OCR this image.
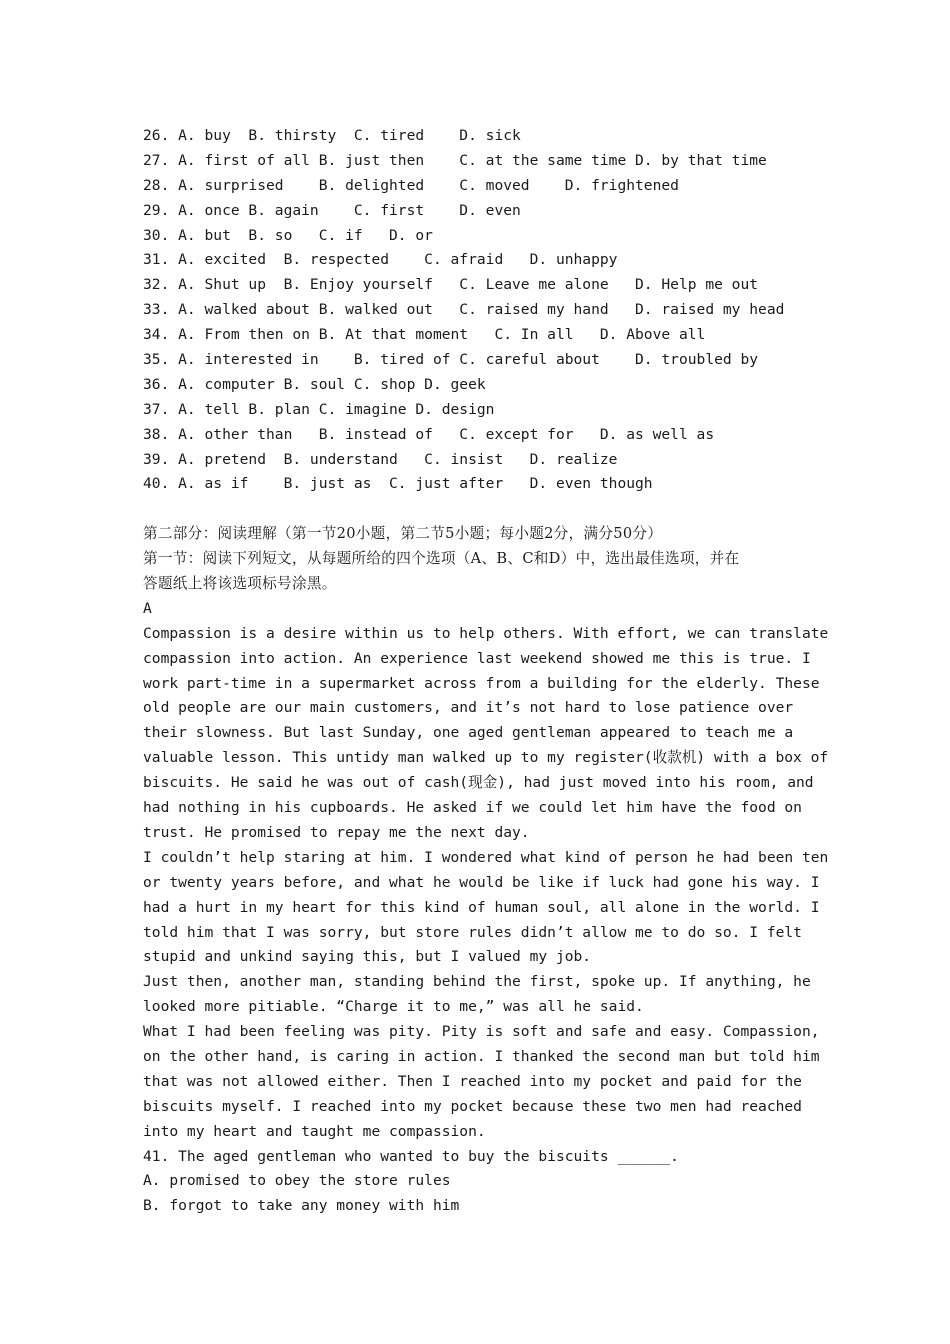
26. A. buy  B. thirsty  C. tired    D. sick
27. A. first of all B. just then    C. at the same time D. by that time
28. A. surprised    B. delighted    C. moved    D. frightened
29. A. once B. again    C. first    D. even
30. A. but  B. so   C. if   D. or
31. A. excited  B. respected    C. afraid   D. unhappy
32. A. Shut up  B. Enjoy yourself   C. Leave me alone   D. Help me out
33. A. walked about B. walked out   C. raised my hand   D. raised my head
34. A. From then on B. At that moment   C. In all   D. Above all
35. A. interested in    B. tired of C. careful about    D. troubled by
36. A. computer B. soul C. shop D. geek
37. A. tell B. plan C. imagine D. design
38. A. other than   B. instead of   C. except for   D. as well as
39. A. pretend  B. understand   C. insist   D. realize
40. A. as if    B. just as  C. just after   D. even though
第二部分：阅读理解（第一节20小题，第二节5小题；每小题2分，满分50分）
第一节：阅读下列短文，从每题所给的四个选项（A、B、C和D）中，选出最佳选项，并在
答题纸上将该选项标号涂黑。
A
Compassion is a desire within us to help others. With effort, we can translate
compassion into action. An experience last weekend showed me this is true. I
work part-time in a supermarket across from a building for the elderly. These
old people are our main customers, and it’s not hard to lose patience over
their slowness. But last Sunday, one aged gentleman appeared to teach me a
valuable lesson. This untidy man walked up to my register(收款机) with a box of
biscuits. He said he was out of cash(现金), had just moved into his room, and
had nothing in his cupboards. He asked if we could let him have the food on
trust. He promised to repay me the next day.
I couldn’t help staring at him. I wondered what kind of person he had been ten
or twenty years before, and what he would be like if luck had gone his way. I
had a hurt in my heart for this kind of human soul, all alone in the world. I
told him that I was sorry, but store rules didn’t allow me to do so. I felt
stupid and unkind saying this, but I valued my job.
Just then, another man, standing behind the first, spoke up. If anything, he
looked more pitiable. “Charge it to me,” was all he said.
What I had been feeling was pity. Pity is soft and safe and easy. Compassion,
on the other hand, is caring in action. I thanked the second man but told him
that was not allowed either. Then I reached into my pocket and paid for the
biscuits myself. I reached into my pocket because these two men had reached
into my heart and taught me compassion.
41. The aged gentleman who wanted to buy the biscuits ______.
A. promised to obey the store rules
B. forgot to take any money with him
